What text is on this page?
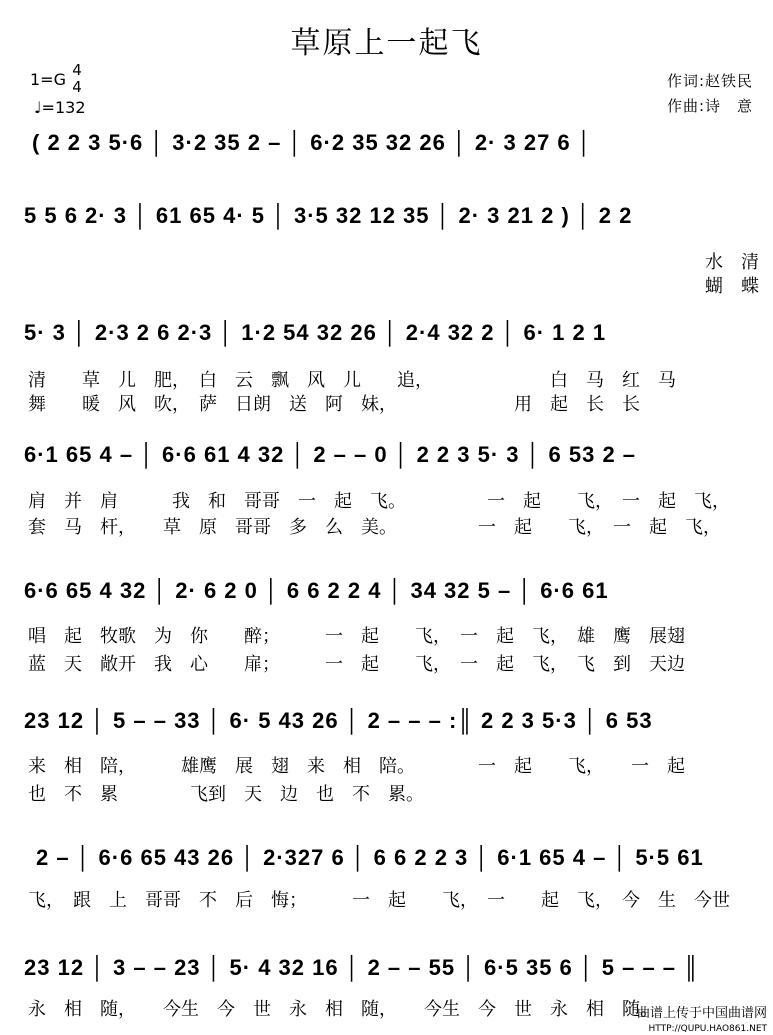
草原上一起飞
1=G 4
4
♩=132
作词:赵铁民
作曲:诗　意
( 2 2 3 5·6 │ 3·2 35 2 – │ 6·2 35 32 26 │ 2· 3 27 6 │
5 5 6 2· 3 │ 61 65 4· 5 │ 3·5 32 12 35 │ 2· 3 21 2 ) │ 2 2
水　清
蝴　蝶
5· 3 │ 2·3 2 6 2·3 │ 1·2 54 32 26 │ 2·4 32 2 │ 6· 1 2 1
清　　草　儿　肥，　白　云　飘　风　儿　　追，　　　　　　　白　马　红　马
舞　　暖　风　吹，　萨　日朗　送　阿　妹，　　　　　　　用　起　长　长
6·1 65 4 – │ 6·6 61 4 32 │ 2 – – 0 │ 2 2 3 5· 3 │ 6 53 2 –
肩　并　肩　　　我　和　哥哥　一　起　飞。　　　　　一　起　　飞，　一　起　飞，
套　马　杆，　　草　原　哥哥　多　么　美。　　　　　一　起　　飞，　一　起　飞，
6·6 65 4 32 │ 2· 6 2 0 │ 6 6 2 2 4 │ 34 32 5 – │ 6·6 61
唱　起　牧歌　为　你　　醉；　　　一　起　　飞，　一　起　飞，　雄　鹰　展翅
蓝　天　敞开　我　心　　扉；　　　一　起　　飞，　一　起　飞，　飞　到　天边
23 12 │ 5 – – 33 │ 6· 5 43 26 │ 2 – – – :║ 2 2 3 5·3 │ 6 53
来　相　陪，　　　雄鹰　展　翅　来　相　陪。　　　　一　起　　飞，　　一　起
也　不　累　　　　飞到　天　边　也　不　累。
2 – │ 6·6 65 43 26 │ 2·327 6 │ 6 6 2 2 3 │ 6·1 65 4 – │ 5·5 61
飞，　跟　上　哥哥　不　后　悔；　　　一　起　　飞，　一　　起　飞，　今　生　今世
23 12 │ 3 – – 23 │ 5· 4 32 16 │ 2 – – 55 │ 6·5 35 6 │ 5 – – – ║
永　相　随，　　今生　今　世　永　相　随，　　今生　今　世　永　相　随。
曲谱上传于中国曲谱网
HTTP://QUPU.HAO861.NET
